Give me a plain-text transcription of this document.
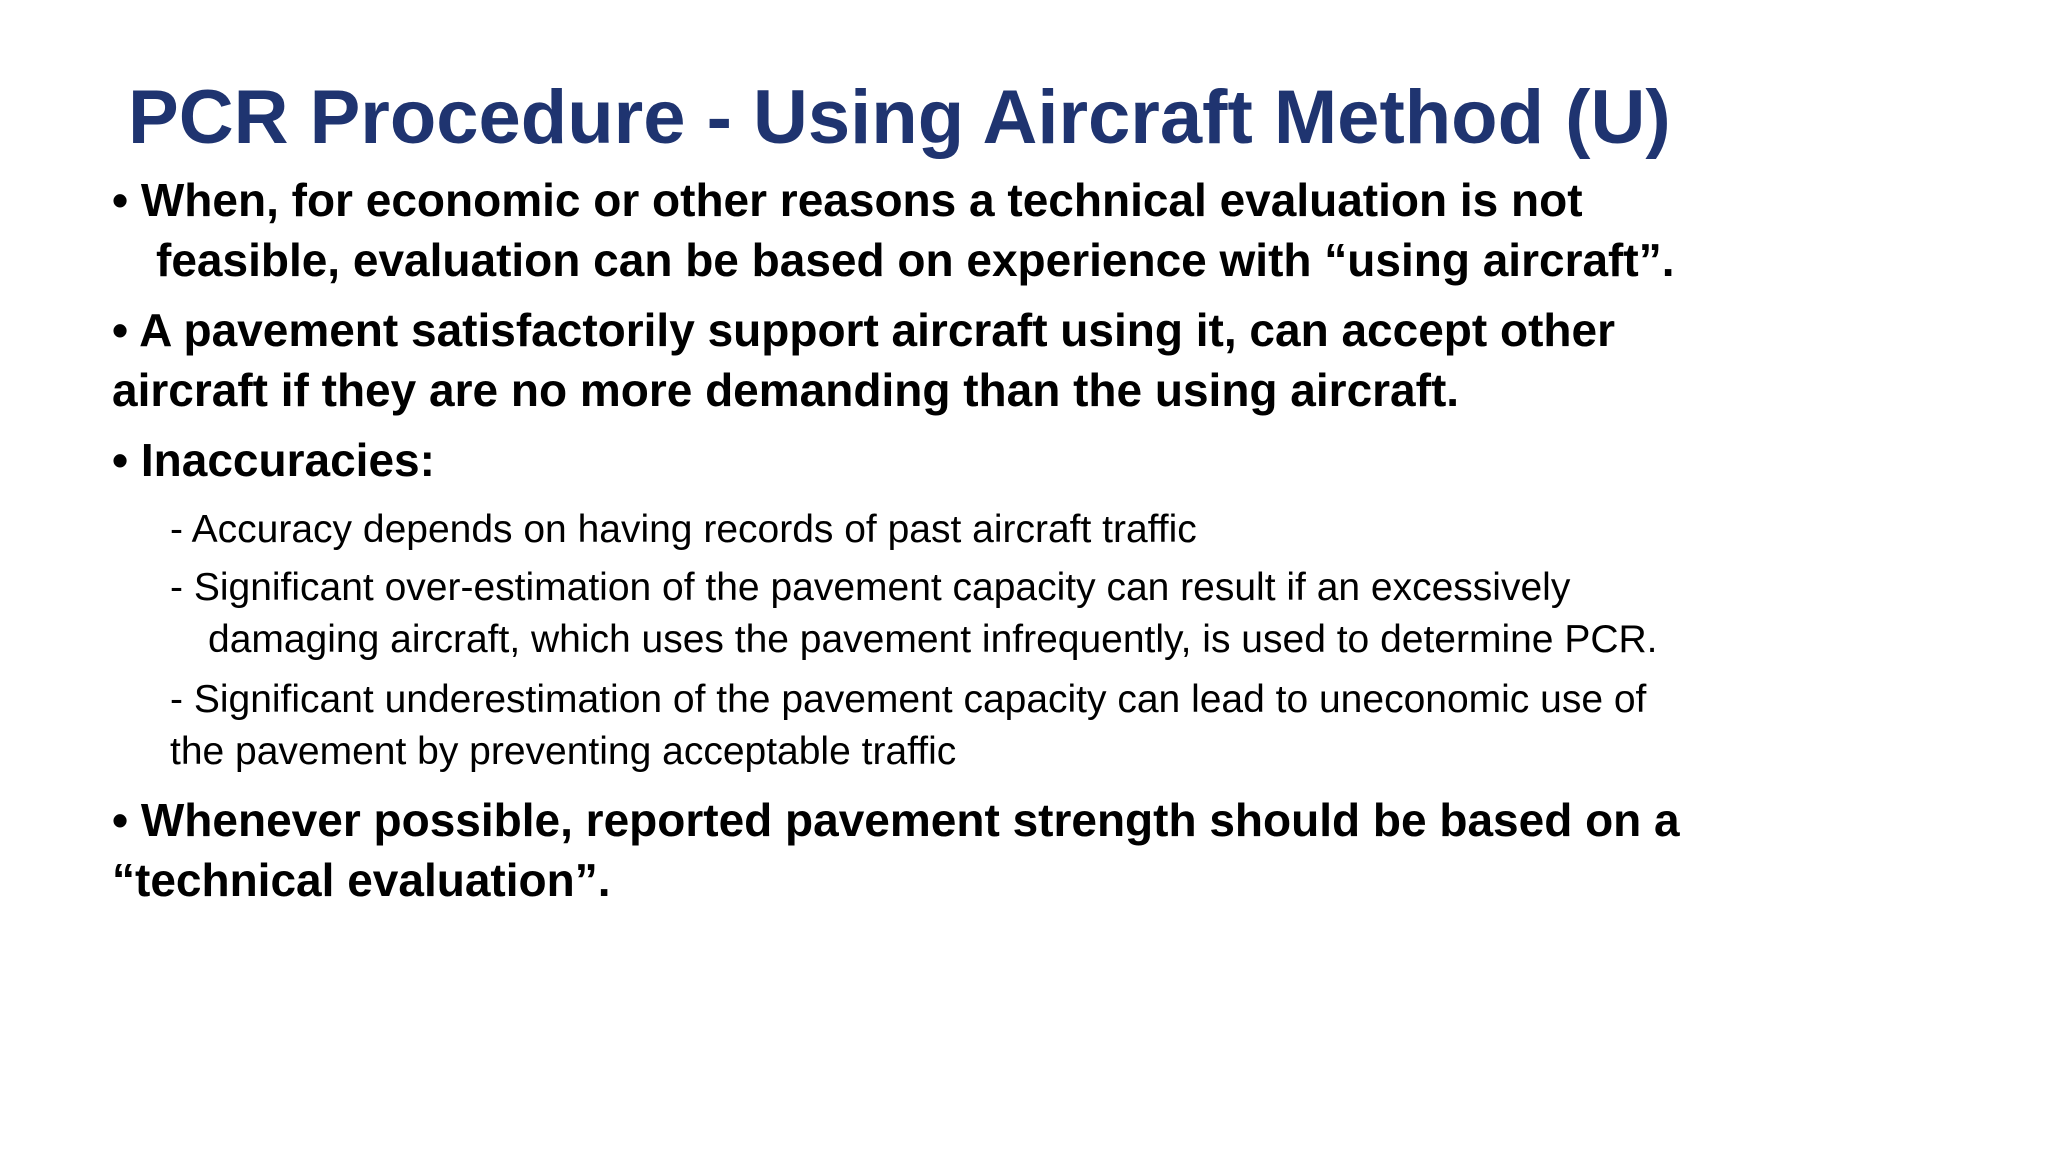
PCR Procedure - Using Aircraft Method (U)

• When, for economic or other reasons a technical evaluation is not
feasible, evaluation can be based on experience with “using aircraft”.

• A pavement satisfactorily support aircraft using it, can accept other
aircraft if they are no more demanding than the using aircraft.

• Inaccuracies:

- Accuracy depends on having records of past aircraft traffic

- Significant over-estimation of the pavement capacity can result if an excessively
damaging aircraft, which uses the pavement infrequently, is used to determine PCR.

- Significant underestimation of the pavement capacity can lead to uneconomic use of
the pavement by preventing acceptable traffic

• Whenever possible, reported pavement strength should be based on a
“technical evaluation”.
